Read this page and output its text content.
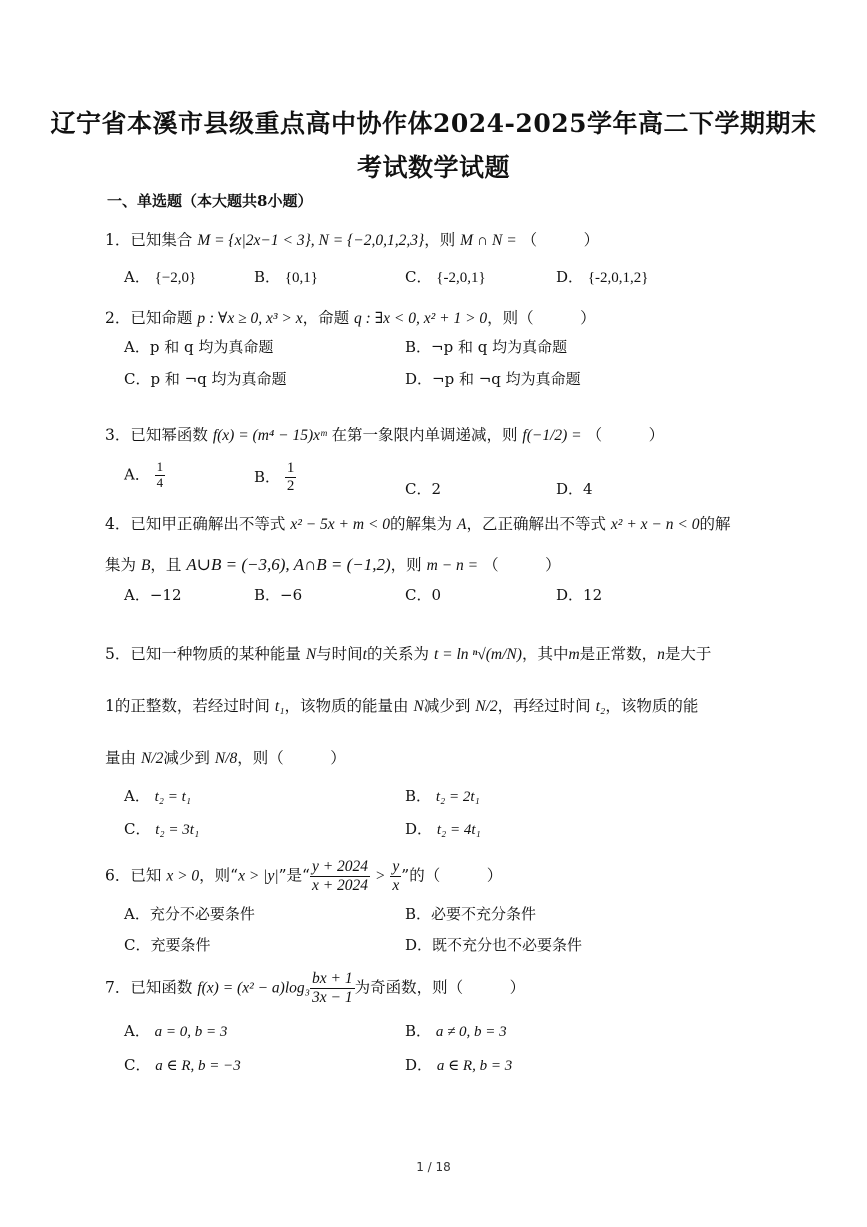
辽宁省本溪市县级重点高中协作体2024-2025学年高二下学期期末
考试数学试题
一、单选题（本大题共8小题）
1．已知集合 M = {x|2x−1 < 3}, N = {−2,0,1,2,3}，则 M ∩ N = （　　　）
A． {−2,0}	B． {0,1}	C． {-2,0,1}	D． {-2,0,1,2}
2．已知命题 p : ∀x ≥ 0, x³ > x，命题 q : ∃x < 0, x² + 1 > 0，则（　　　）
A．p 和 q 均为真命题	B．¬p 和 q 均为真命题
C．p 和 ¬q 均为真命题	D．¬p 和 ¬q 均为真命题
3．已知幂函数 f(x) = (m⁴ − 15)xᵐ 在第一象限内单调递减，则 f(−1/2) = （　　　）
A． $\frac{1}{4}$	B． $\frac{1}{2}$	C．2	D．4
4．已知甲正确解出不等式 x² − 5x + m < 0的解集为 A，乙正确解出不等式 x² + x − n < 0的解
集为 B，且 A∪B = (−3,6), A∩B = (−1,2)，则 m − n = （　　　）
A．−12	B．−6	C．0	D．12
5．已知一种物质的某种能量 N与时间t的关系为 t = ln ⁿ√(m/N)，其中m是正常数，n是大于
1的正整数，若经过时间 t₁，该物质的能量由 N减少到 N/2，再经过时间 t₂，该物质的能
量由 N/2减少到 N/8，则（　　　）
A． t₂ = t₁	B． t₂ = 2t₁
C． t₂ = 3t₁	D． t₂ = 4t₁
6．已知 x > 0，则“x > |y|”是“ $\frac{y + 2024}{x + 2024} > \frac{y}{x}$ ”的（　　　）
A．充分不必要条件	B．必要不充分条件
C．充要条件	D．既不充分也不必要条件
7．已知函数 $f(x) = (x^2 - a)\log_3 \frac{bx + 1}{3x - 1}$ 为奇函数，则（　　　）
A． a = 0, b = 3	B． a ≠ 0, b = 3
C． a ∈ R, b = −3	D． a ∈ R, b = 3
1 / 18
